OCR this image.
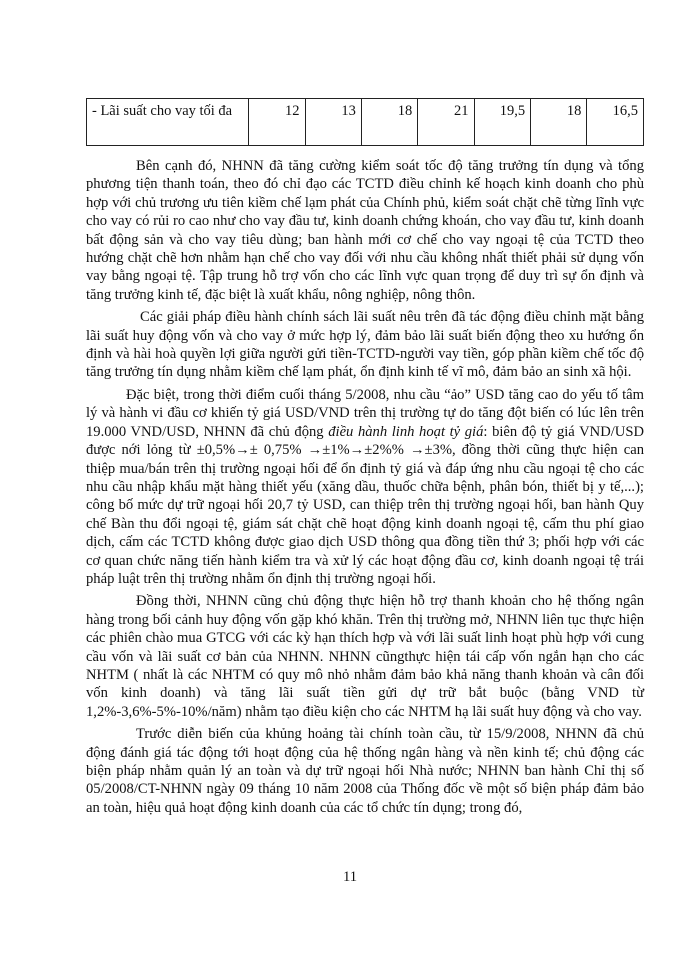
- Lãi suất cho vay tối đa	12	13	18	21	19,5	18	16,5

Bên cạnh đó, NHNN đã tăng cường kiểm soát tốc độ tăng trưởng tín dụng và tổng phương tiện thanh toán, theo đó chỉ đạo các TCTD điều chỉnh kế hoạch kinh doanh cho phù hợp với chủ trương ưu tiên kiềm chế lạm phát của Chính phủ, kiểm soát chặt chẽ từng lĩnh vực cho vay có rủi ro cao như cho vay đầu tư, kinh doanh chứng khoán, cho vay đầu tư, kinh doanh bất động sản và cho vay tiêu dùng; ban hành mới cơ chế cho vay ngoại tệ của TCTD theo hướng chặt chẽ hơn nhằm hạn chế cho vay đối với nhu cầu không nhất thiết phải sử dụng vốn vay bằng ngoại tệ. Tập trung hỗ trợ vốn cho các lĩnh vực quan trọng để duy trì sự ổn định và tăng trưởng kinh tế, đặc biệt là xuất khẩu, nông nghiệp, nông thôn.

Các giải pháp điều hành chính sách lãi suất nêu trên đã tác động điều chỉnh mặt bằng lãi suất huy động vốn và cho vay ở mức hợp lý, đảm bảo lãi suất biến động theo xu hướng ổn định và hài hoà quyền lợi giữa người gửi tiền-TCTD-người vay tiền, góp phần kiềm chế tốc độ tăng trưởng tín dụng nhằm kiềm chế lạm phát, ổn định kinh tế vĩ mô, đảm bảo an sinh xã hội.

Đặc biệt, trong thời điểm cuối tháng 5/2008, nhu cầu “ảo” USD tăng cao do yếu tố tâm lý và hành vi đầu cơ khiến tỷ giá USD/VND trên thị trường tự do tăng đột biến có lúc lên trên 19.000 VND/USD, NHNN đã chủ động điều hành linh hoạt tỷ giá: biên độ tỷ giá VND/USD được nới lỏng từ ±0,5%→± 0,75% →±1%→±2%% →±3%, đồng thời cũng thực hiện can thiệp mua/bán trên thị trường ngoại hối để ổn định tỷ giá và đáp ứng nhu cầu ngoại tệ cho các nhu cầu nhập khẩu mặt hàng thiết yếu (xăng dầu, thuốc chữa bệnh, phân bón, thiết bị y tế,...); công bố mức dự trữ ngoại hối 20,7 tỷ USD, can thiệp trên thị trường ngoại hối, ban hành Quy chế Bàn thu đổi ngoại tệ, giám sát chặt chẽ hoạt động kinh doanh ngoại tệ, cấm thu phí giao dịch, cấm các TCTD không được giao dịch USD thông qua đồng tiền thứ 3; phối hợp với các cơ quan chức năng tiến hành kiểm tra và xử lý các hoạt động đầu cơ, kinh doanh ngoại tệ trái pháp luật trên thị trường nhằm ổn định thị trường ngoại hối.

Đồng thời, NHNN cũng chủ động thực hiện hỗ trợ thanh khoản cho hệ thống ngân hàng trong bối cảnh huy động vốn gặp khó khăn. Trên thị trường mở, NHNN liên tục thực hiện các phiên chào mua GTCG với các kỳ hạn thích hợp và với lãi suất linh hoạt phù hợp với cung cầu vốn và lãi suất cơ bản của NHNN. NHNN cũngthực hiện tái cấp vốn ngắn hạn cho các NHTM ( nhất là các NHTM có quy mô nhỏ nhằm đảm bảo khả năng thanh khoản và cân đối vốn kinh doanh) và tăng lãi suất tiền gửi dự trữ bắt buộc (bằng VND từ 1,2%-3,6%-5%-10%/năm) nhằm tạo điều kiện cho các NHTM hạ lãi suất huy động và cho vay.

Trước diễn biến của khủng hoảng tài chính toàn cầu, từ 15/9/2008, NHNN đã chủ động đánh giá tác động tới hoạt động của hệ thống ngân hàng và nền kinh tế; chủ động các biện pháp nhằm quản lý an toàn và dự trữ ngoại hối Nhà nước; NHNN ban hành Chỉ thị số 05/2008/CT-NHNN ngày 09 tháng 10 năm 2008 của Thống đốc về một số biện pháp đảm bảo an toàn, hiệu quả hoạt động kinh doanh của các tổ chức tín dụng; trong đó,

11
